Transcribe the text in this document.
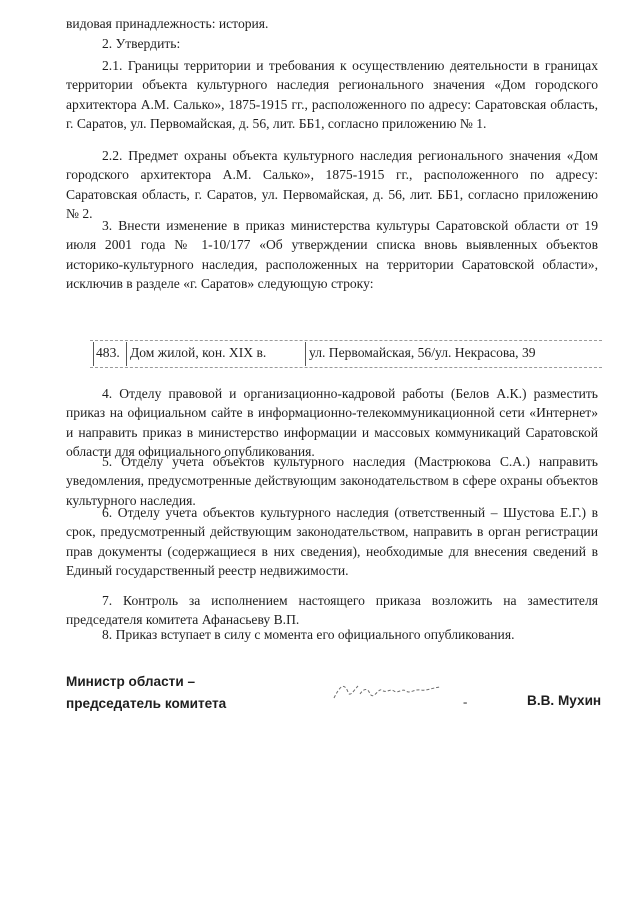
видовая принадлежность: история.

2. Утвердить:

2.1. Границы территории и требования к осуществлению деятельности в границах территории объекта культурного наследия регионального значения «Дом городского архитектора А.М. Салько», 1875-1915 гг., расположенного по адресу: Саратовская область, г. Саратов, ул. Первомайская, д. 56, лит. ББ1, согласно приложению № 1.

2.2. Предмет охраны объекта культурного наследия регионального значения «Дом городского архитектора А.М. Салько», 1875-1915 гг., расположенного по адресу: Саратовская область, г. Саратов, ул. Первомайская, д. 56, лит. ББ1, согласно приложению № 2.

3. Внести изменение в приказ министерства культуры Саратовской области от 19 июля 2001 года № 1-10/177 «Об утверждении списка вновь выявленных объектов историко-культурного наследия, расположенных на территории Саратовской области», исключив в разделе «г. Саратов» следующую строку:

483. Дом жилой, кон. XIX в.	ул. Первомайская, 56/ул. Некрасова, 39

4. Отделу правовой и организационно-кадровой работы (Белов А.К.) разместить приказ на официальном сайте в информационно-телекоммуникационной сети «Интернет» и направить приказ в министерство информации и массовых коммуникаций Саратовской области для официального опубликования.

5. Отделу учета объектов культурного наследия (Мастрюкова С.А.) направить уведомления, предусмотренные действующим законодательством в сфере охраны объектов культурного наследия.

6. Отделу учета объектов культурного наследия (ответственный – Шустова Е.Г.) в срок, предусмотренный действующим законодательством, направить в орган регистрации прав документы (содержащиеся в них сведения), необходимые для внесения сведений в Единый государственный реестр недвижимости.

7. Контроль за исполнением настоящего приказа возложить на заместителя председателя комитета Афанасьеву В.П.

8. Приказ вступает в силу с момента его официального опубликования.

Министр области –
председатель комитета	-	В.В. Мухин
